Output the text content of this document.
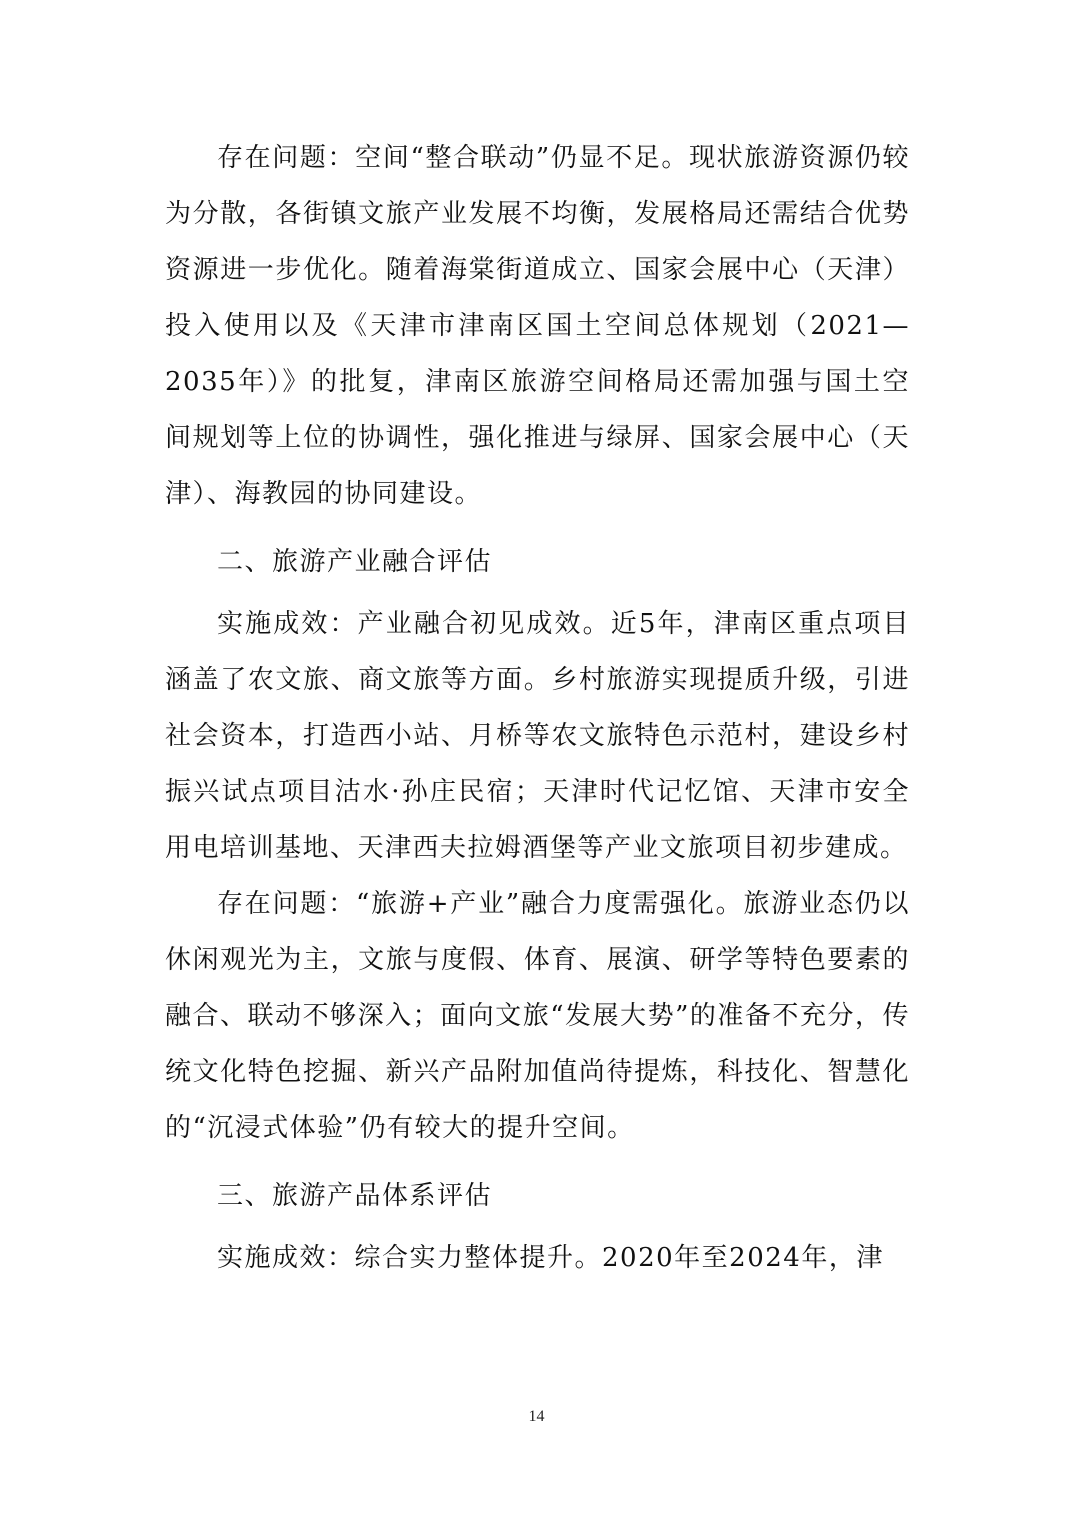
存在问题：空间“整合联动”仍显不足。现状旅游资源仍较为分散，各街镇文旅产业发展不均衡，发展格局还需结合优势资源进一步优化。随着海棠街道成立、国家会展中心（天津）投入使用以及《天津市津南区国土空间总体规划（2021—2035年）》的批复，津南区旅游空间格局还需加强与国土空间规划等上位的协调性，强化推进与绿屏、国家会展中心（天津）、海教园的协同建设。

二、旅游产业融合评估

实施成效：产业融合初见成效。近5年，津南区重点项目涵盖了农文旅、商文旅等方面。乡村旅游实现提质升级，引进社会资本，打造西小站、月桥等农文旅特色示范村，建设乡村振兴试点项目沽水·孙庄民宿；天津时代记忆馆、天津市安全用电培训基地、天津西夫拉姆酒堡等产业文旅项目初步建成。

存在问题：“旅游+产业”融合力度需强化。旅游业态仍以休闲观光为主，文旅与度假、体育、展演、研学等特色要素的融合、联动不够深入；面向文旅“发展大势”的准备不充分，传统文化特色挖掘、新兴产品附加值尚待提炼，科技化、智慧化的“沉浸式体验”仍有较大的提升空间。

三、旅游产品体系评估

实施成效：综合实力整体提升。2020年至2024年，津

14
